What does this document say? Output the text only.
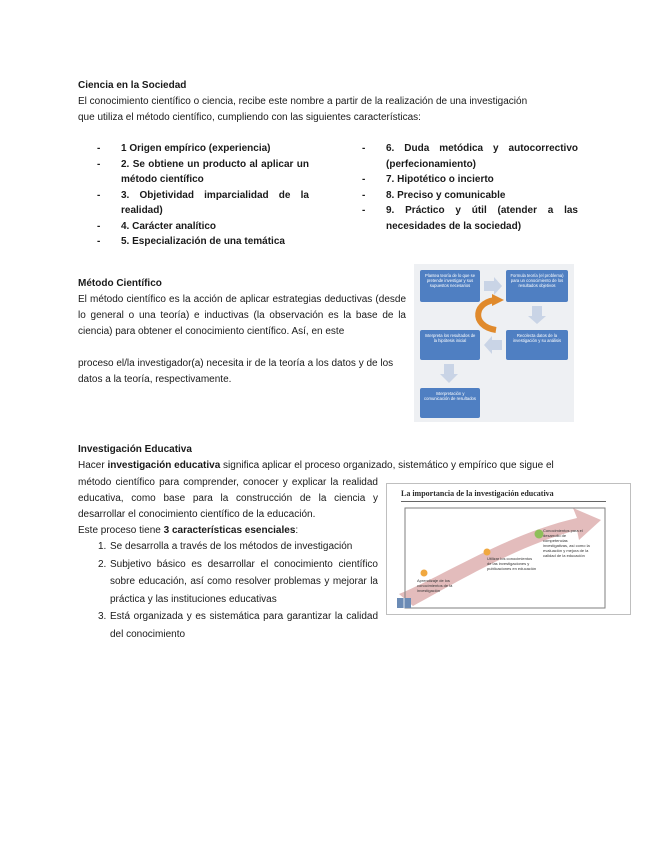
Ciencia en la Sociedad
El conocimiento científico o ciencia, recibe este nombre a partir de la realización de una investigación
que utiliza el método científico, cumpliendo con las siguientes características:
- 1 Origen empírico (experiencia)
- 2. Se obtiene un producto al aplicar un método científico
- 3. Objetividad imparcialidad de la realidad)
- 4. Carácter analítico
- 5. Especialización de una temática
- 6. Duda metódica y autocorrectivo (perfecionamiento)
- 7. Hipotético o incierto
- 8. Preciso y comunicable
- 9. Práctico y útil (atender a las necesidades de la sociedad)
Método Científico
El método científico es la acción de aplicar estrategias deductivas (desde lo general o una teoría) e inductivas (la observación es la base de la ciencia) para obtener el conocimiento científico. Así, en este
proceso el/la investigador(a) necesita ir de la teoría a los datos y de los datos a la teoría, respectivamente.
Plantea teoría de lo que se pretende investigar y sus supuestos necesarios
Formula teoría (el problema) para un conocimiento de los resultados objetivos
Recolecta datos de la investigación y su análisis
Interpreta los resultados de la hipótesis inicial
Interpretación y comunicación de resultados
Investigación Educativa
Hacer investigación educativa significa aplicar el proceso organizado, sistemático y empírico que sigue el
método científico para comprender, conocer y explicar la realidad educativa, como base para la construcción de la ciencia y desarrollar el conocimiento científico de la educación.
Este proceso tiene 3 características esenciales:
1. Se desarrolla a través de los métodos de investigación
2. Subjetivo básico es desarrollar el conocimiento científico sobre educación, así como resolver problemas y mejorar la práctica y las instituciones educativas
3. Está organizada y es sistemática para garantizar la calidad del conocimiento
La importancia de la investigación educativa
Aprendizaje de los conocimientos de la investigación
Utilizar los conocimientos de las investigaciones y publicaciones en educación
Conocimientos para el desarrollo de competencias investigativas, así como la evaluación y mejora de la calidad de la educación
